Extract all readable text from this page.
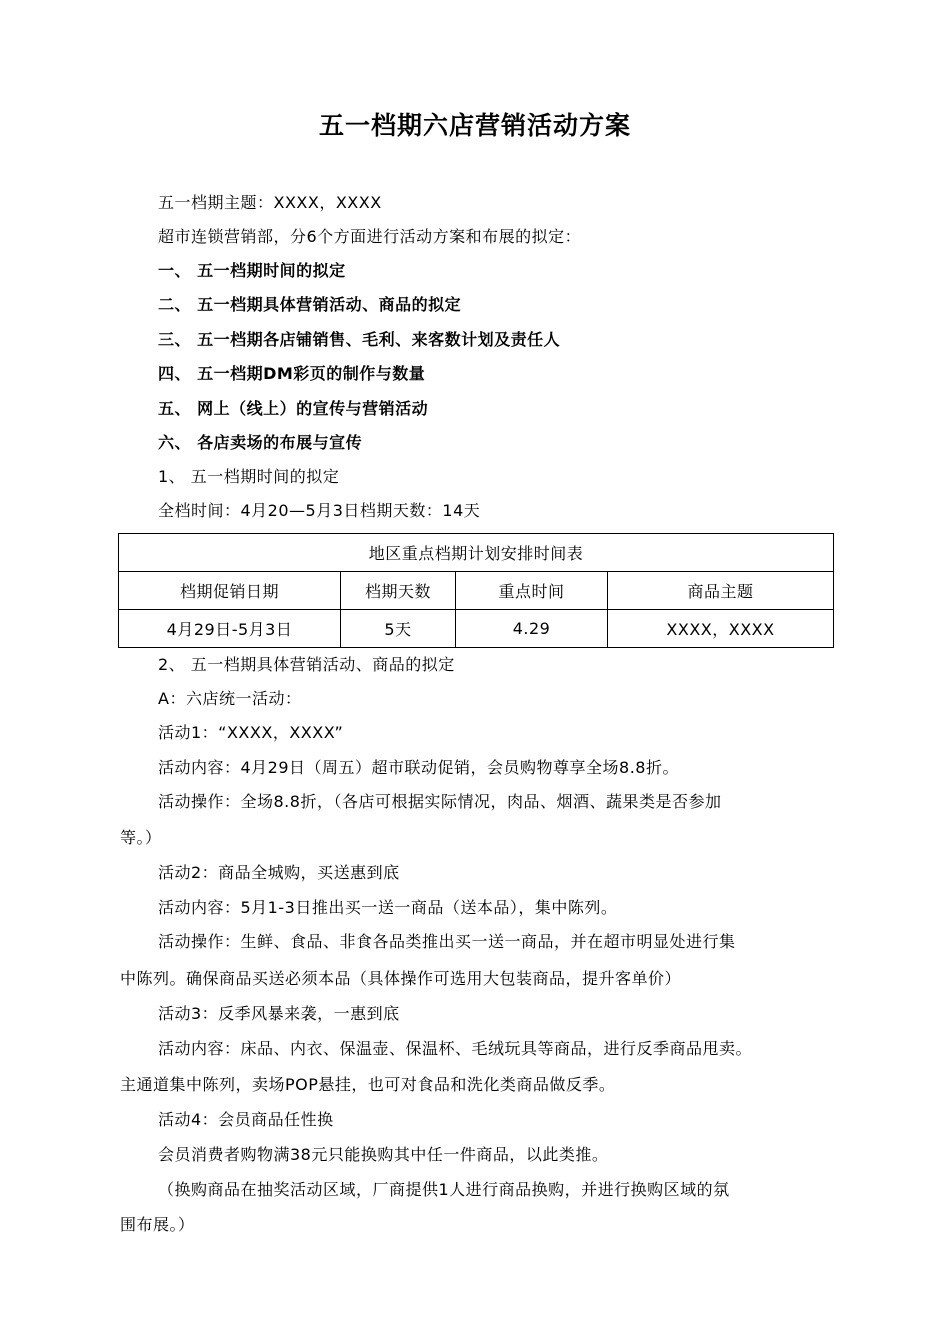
五一档期六店营销活动方案
五一档期主题：XXXX，XXXX
超市连锁营销部，分6个方面进行活动方案和布展的拟定：
一、 五一档期时间的拟定
二、 五一档期具体营销活动、商品的拟定
三、 五一档期各店铺销售、毛利、来客数计划及责任人
四、 五一档期DM彩页的制作与数量
五、 网上（线上）的宣传与营销活动
六、 各店卖场的布展与宣传
1、 五一档期时间的拟定
全档时间：4月20—5月3日档期天数：14天
地区重点档期计划安排时间表			
档期促销日期	档期天数	重点时间	商品主题
4月29日-5月3日	5天	4.29	XXXX，XXXX
2、 五一档期具体营销活动、商品的拟定
A：六店统一活动：
活动1：“XXXX，XXXX”
活动内容：4月29日（周五）超市联动促销，会员购物尊享全场8.8折。
活动操作：全场8.8折，（各店可根据实际情况，肉品、烟酒、蔬果类是否参加
等。）
活动2：商品全城购，买送惠到底
活动内容：5月1-3日推出买一送一商品（送本品），集中陈列。
活动操作：生鲜、食品、非食各品类推出买一送一商品，并在超市明显处进行集
中陈列。确保商品买送必须本品（具体操作可选用大包装商品，提升客单价）
活动3：反季风暴来袭，一惠到底
活动内容：床品、内衣、保温壶、保温杯、毛绒玩具等商品，进行反季商品甩卖。
主通道集中陈列，卖场POP悬挂，也可对食品和洗化类商品做反季。
活动4：会员商品任性换
会员消费者购物满38元只能换购其中任一件商品，以此类推。
（换购商品在抽奖活动区域，厂商提供1人进行商品换购，并进行换购区域的氛
围布展。）
